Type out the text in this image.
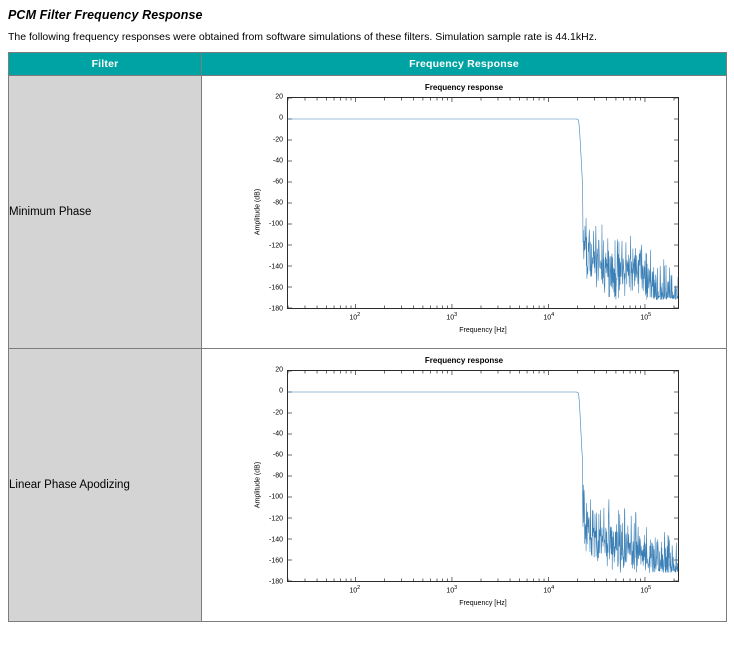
PCM Filter Frequency Response
The following frequency responses were obtained from software simulations of these filters. Simulation sample rate is 44.1kHz.
Filter	Frequency Response
Minimum Phase	
Frequency response
Amplitude (dB)
20
0
-20
-40
-60
-80
-100
-120
-140
-160
-180
$10^2$	$10^3$	$10^4$	$10^5$
Frequency [Hz]

Linear Phase Apodizing	
Frequency response
Amplitude (dB)
20
0
-20
-40
-60
-80
-100
-120
-140
-160
-180
$10^2$	$10^3$	$10^4$	$10^5$
Frequency [Hz]
